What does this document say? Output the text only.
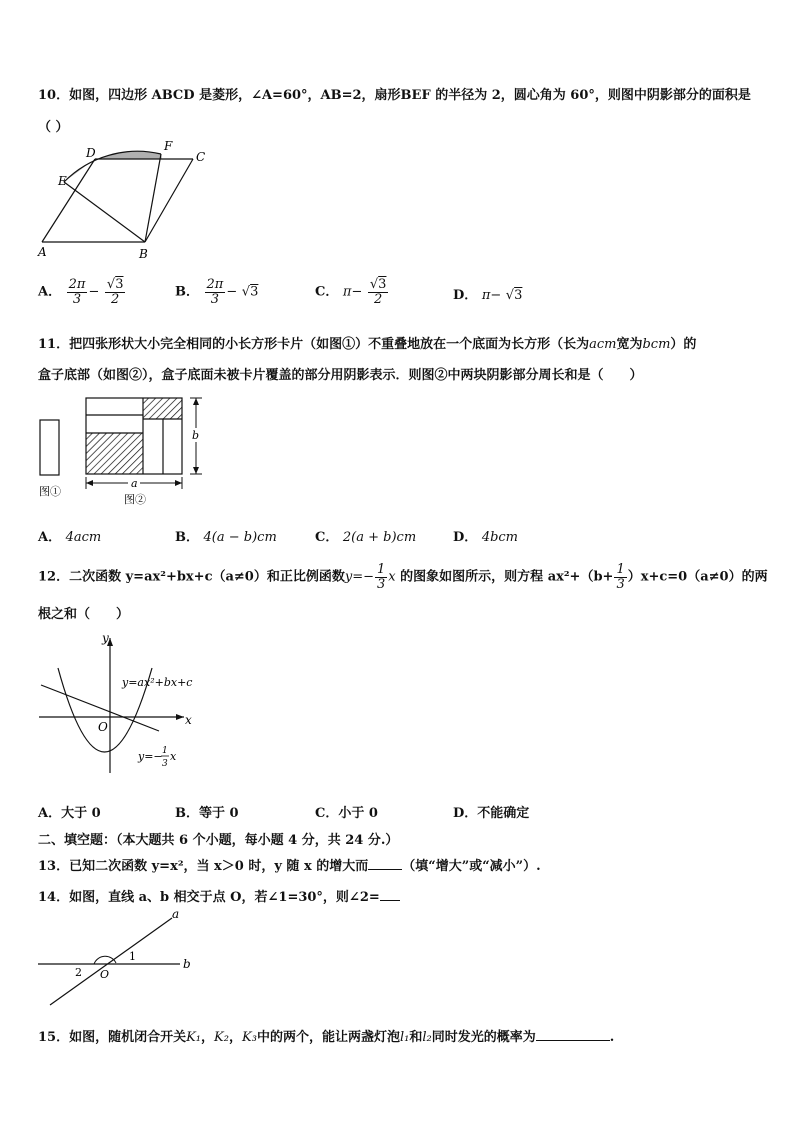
10．如图，四边形 ABCD 是菱形，∠A=60°，AB=2，扇形BEF 的半径为 2，圆心角为 60°，则图中阴影部分的面积是
（ ）
D	F
C
E
A	B
A． $\frac{2\pi}{3} - \frac{√3}{2}$	B． $\frac{2\pi}{3} - √3$	C． $\pi- \frac{√3}{2}$	D． π− √3
11．把四张形状大小完全相同的小长方形卡片（如图①）不重叠地放在一个底面为长方形（长为acm宽为bcm）的
盒子底部（如图②），盒子底面未被卡片覆盖的部分用阴影表示．则图②中两块阴影部分周长和是（　　）
图①
b
a
图②
A． 4acm	B． 4(a − b)cm	C． 2(a + b)cm	D． 4bcm
12．二次函数 y=ax²+bx+c（a≠0）和正比例函数$y=- \frac{1}{3}$ x 的图象如图所示，则方程 $ax^2+(b+ \frac{1}{3} )x+c=0(a\ne 0)$的两
根之和（　　）
y
x
O
y=ax²+bx+c
y=− 1
3
x
A．大于 0	B．等于 0	C．小于 0	D．不能确定
二、填空题：（本大题共 6 个小题，每小题 4 分，共 24 分.）
13．已知二次函数 y=x²，当 x＞0 时，y 随 x 的增大而	（填“增大”或“减小”）.
14．如图，直线 a、b 相交于点 O，若∠1=30°，则∠2=
a
b
1
2 O
15．如图，随机闭合开关K₁，K₂，K₃中的两个，能让两盏灯泡l₁和l₂同时发光的概率为	.
